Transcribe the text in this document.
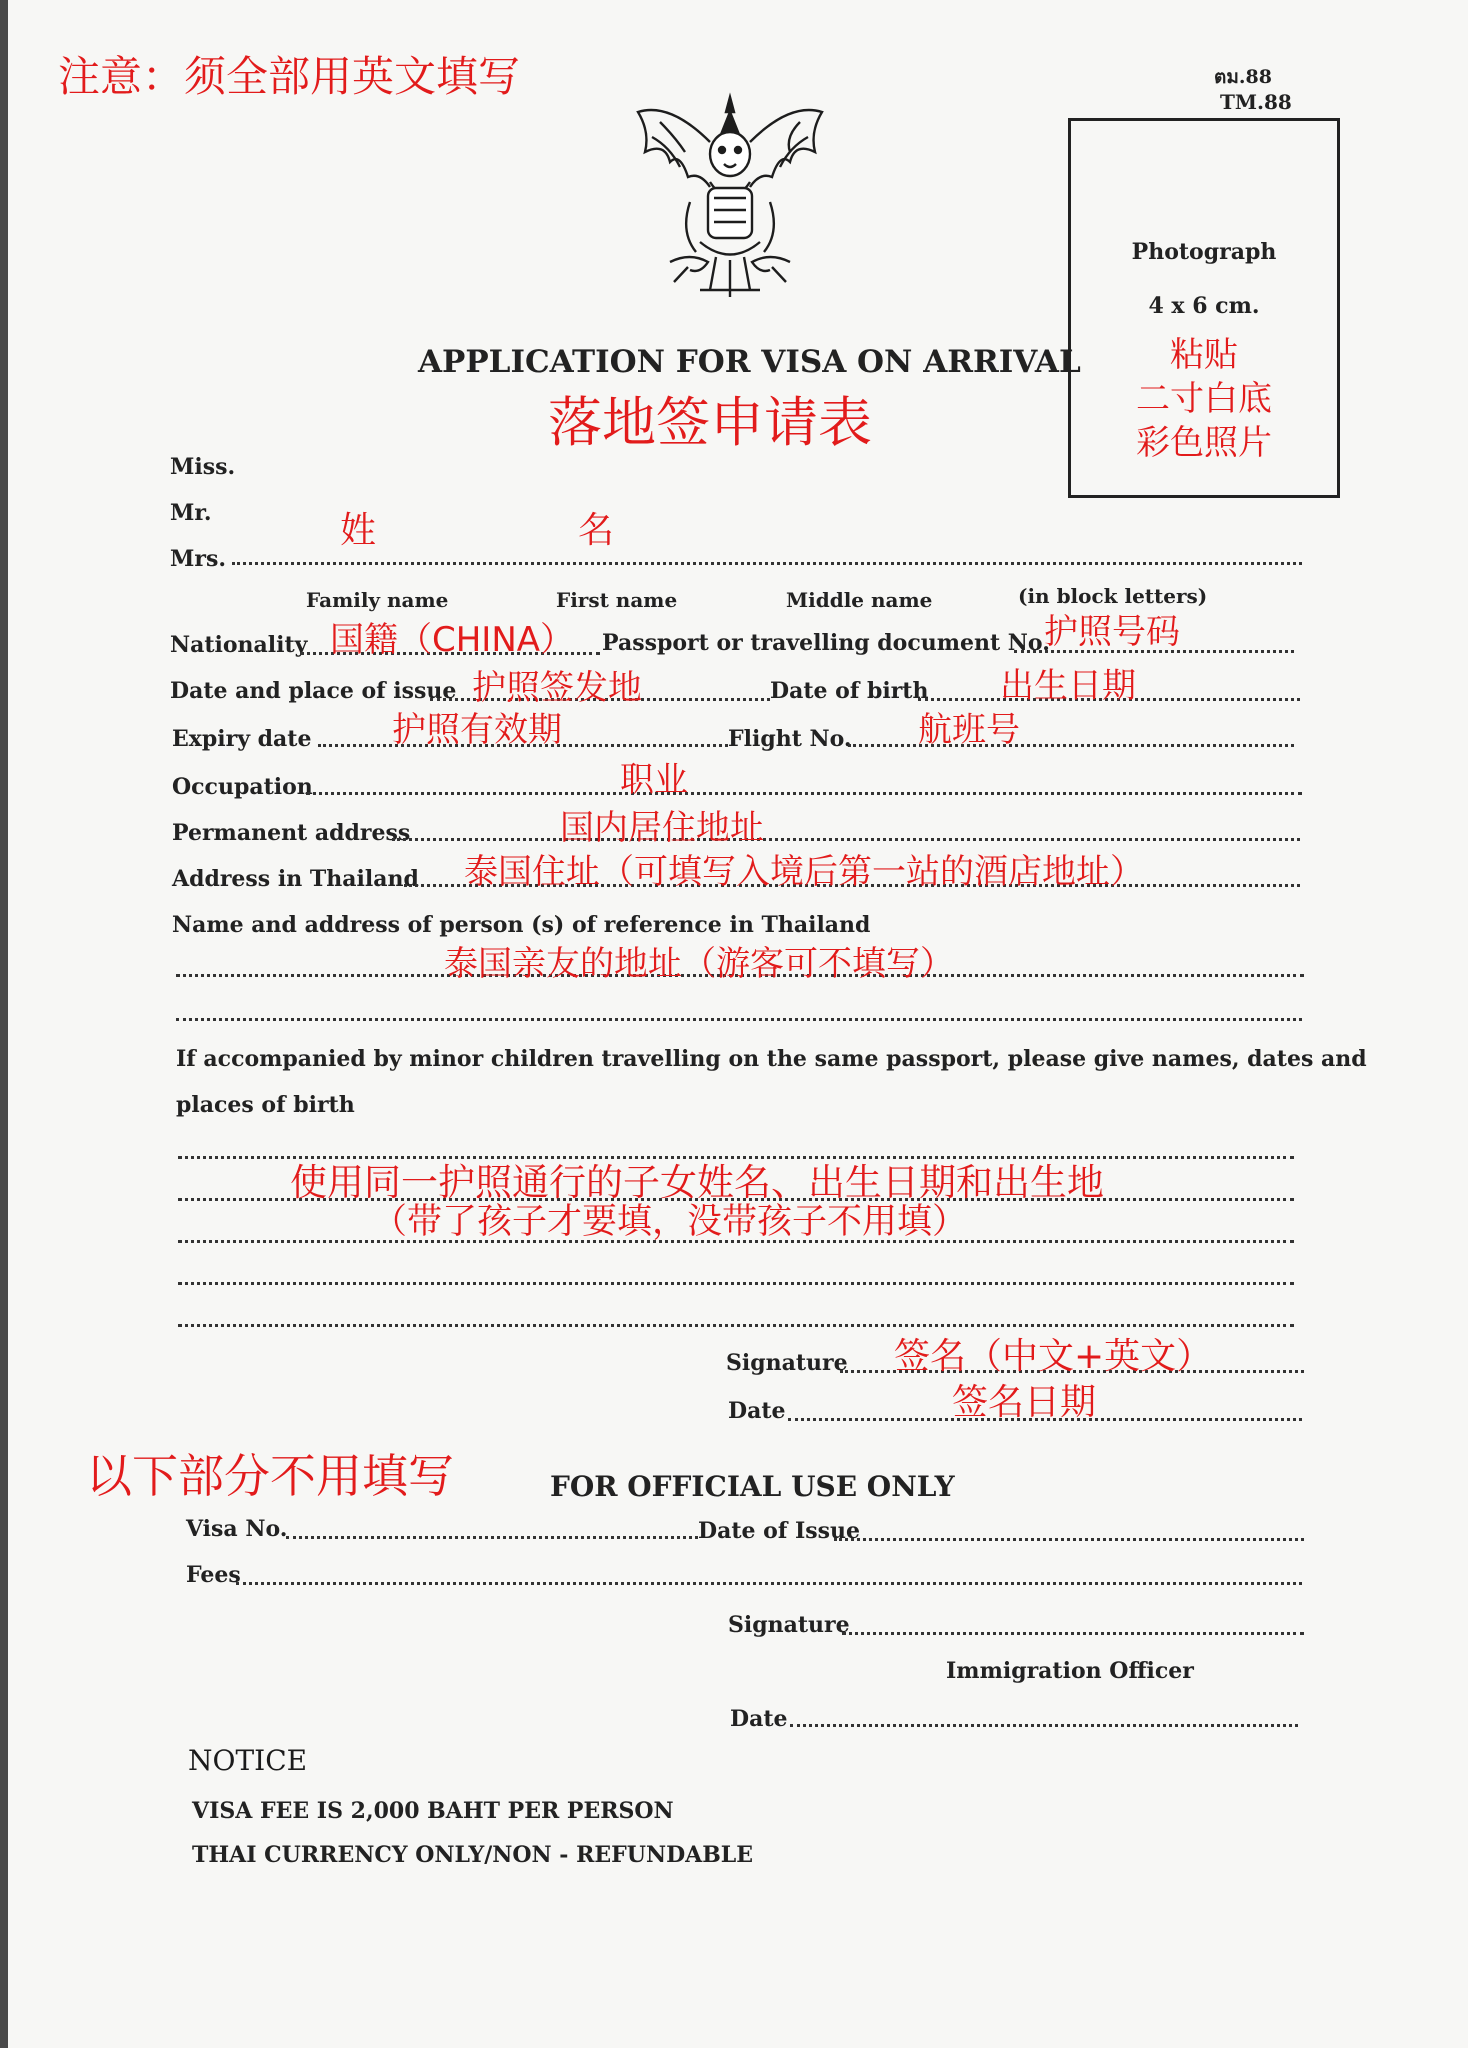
注意：须全部用英文填写	ตม.88
TM.88
Photograph
4 x 6 cm.
粘贴
二寸白底
彩色照片
APPLICATION FOR VISA ON ARRIVAL
落地签申请表
Miss.
Mr.
Mrs.
姓	名
Family name	First name	Middle name	(in block letters)
Nationality 国籍（CHINA） Passport or travelling document No.
护照号码
Date and place of issue 护照签发地	Date of birth 出生日期
Expiry date 护照有效期	Flight No. 航班号
Occupation	职业
Permanent address	国内居住地址
Address in Thailand 泰国住址（可填写入境后第一站的酒店地址）
Name and address of person (s) of reference in Thailand
泰国亲友的地址（游客可不填写）
If accompanied by minor children travelling on the same passport, please give names, dates and
places of birth
使用同一护照通行的子女姓名、出生日期和出生地
（带了孩子才要填，没带孩子不用填）
Signature 签名（中文+英文）
Date	签名日期
以下部分不用填写	FOR OFFICIAL USE ONLY
Visa No.	Date of Issue
Fees
Signature
Immigration Officer
Date
NOTICE
VISA FEE IS 2,000 BAHT PER PERSON
THAI CURRENCY ONLY/NON - REFUNDABLE
